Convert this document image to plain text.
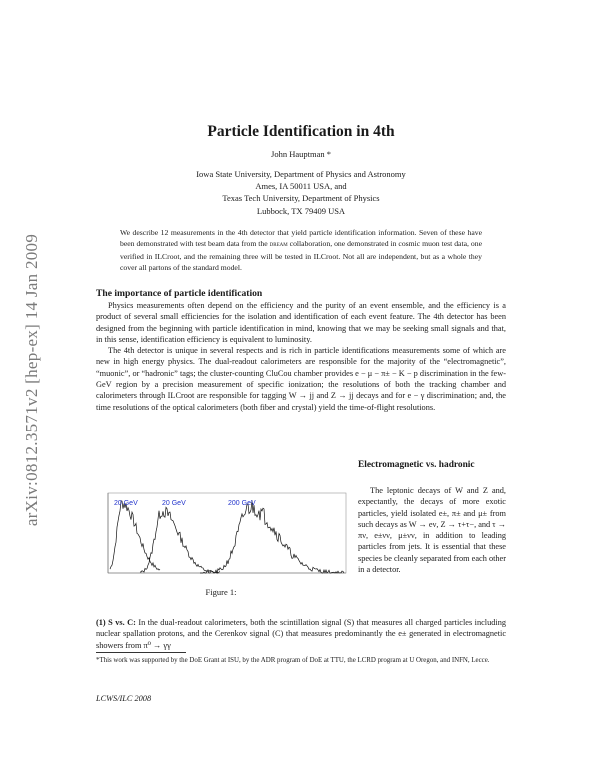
arXiv:0812.3571v2 [hep-ex] 14 Jan 2009
Particle Identification in 4th
John Hauptman *
Iowa State University, Department of Physics and Astronomy
Ames, IA 50011 USA, and
Texas Tech University, Department of Physics
Lubbock, TX 79409 USA
We describe 12 measurements in the 4th detector that yield particle identification information. Seven of these have been demonstrated with test beam data from the dream collaboration, one demonstrated in cosmic muon test data, one verified in ILCroot, and the remaining three will be tested in ILCroot. Not all are independent, but as a whole they cover all partons of the standard model.
The importance of particle identification

Physics measurements often depend on the efficiency and the purity of an event ensemble, and the efficiency is a product of several small efficiencies for the isolation and identification of each event feature. The 4th detector has been designed from the beginning with particle identification in mind, knowing that we may be seeking small signals and that, in this sense, identification efficiency is equivalent to luminosity.

The 4th detector is unique in several respects and is rich in particle identifications measurements some of which are new in high energy physics. The dual-readout calorimeters are responsible for the majority of the “electromagnetic”, “muonic”, or “hadronic” tags; the cluster-counting CluCou chamber provides e − μ − π± − K − p discrimination in the few-GeV region by a precision measurement of specific ionization; the resolutions of both the tracking chamber and calorimeters through ILCroot are responsible for tagging W → jj and Z → jj decays and for e − γ discrimination; and, the time resolutions of the optical calorimeters (both fiber and crystal) yield the time-of-flight resolutions.

20 GeV	20 GeV	200 GeV
Figure 1:
Electromagnetic vs. hadronic

The leptonic decays of W and Z and, expectantly, the decays of more exotic particles, yield isolated e±, π± and μ± from such decays as W → eν, Z → τ+τ−, and τ → πν, e±νν, μ±νν, in addition to leading particles from jets. It is essential that these species be cleanly separated from each other in a detector.

(1) S vs. C: In the dual-readout calorimeters, both the scintillation signal (S) that measures all charged particles including nuclear spallation protons, and the Cerenkov signal (C) that measures predominantly the e± generated in electromagnetic showers from π⁰ → γγ
*This work was supported by the DoE Grant at ISU, by the ADR program of DoE at TTU, the LCRD program at U Oregon, and INFN, Lecce.
LCWS/ILC 2008
